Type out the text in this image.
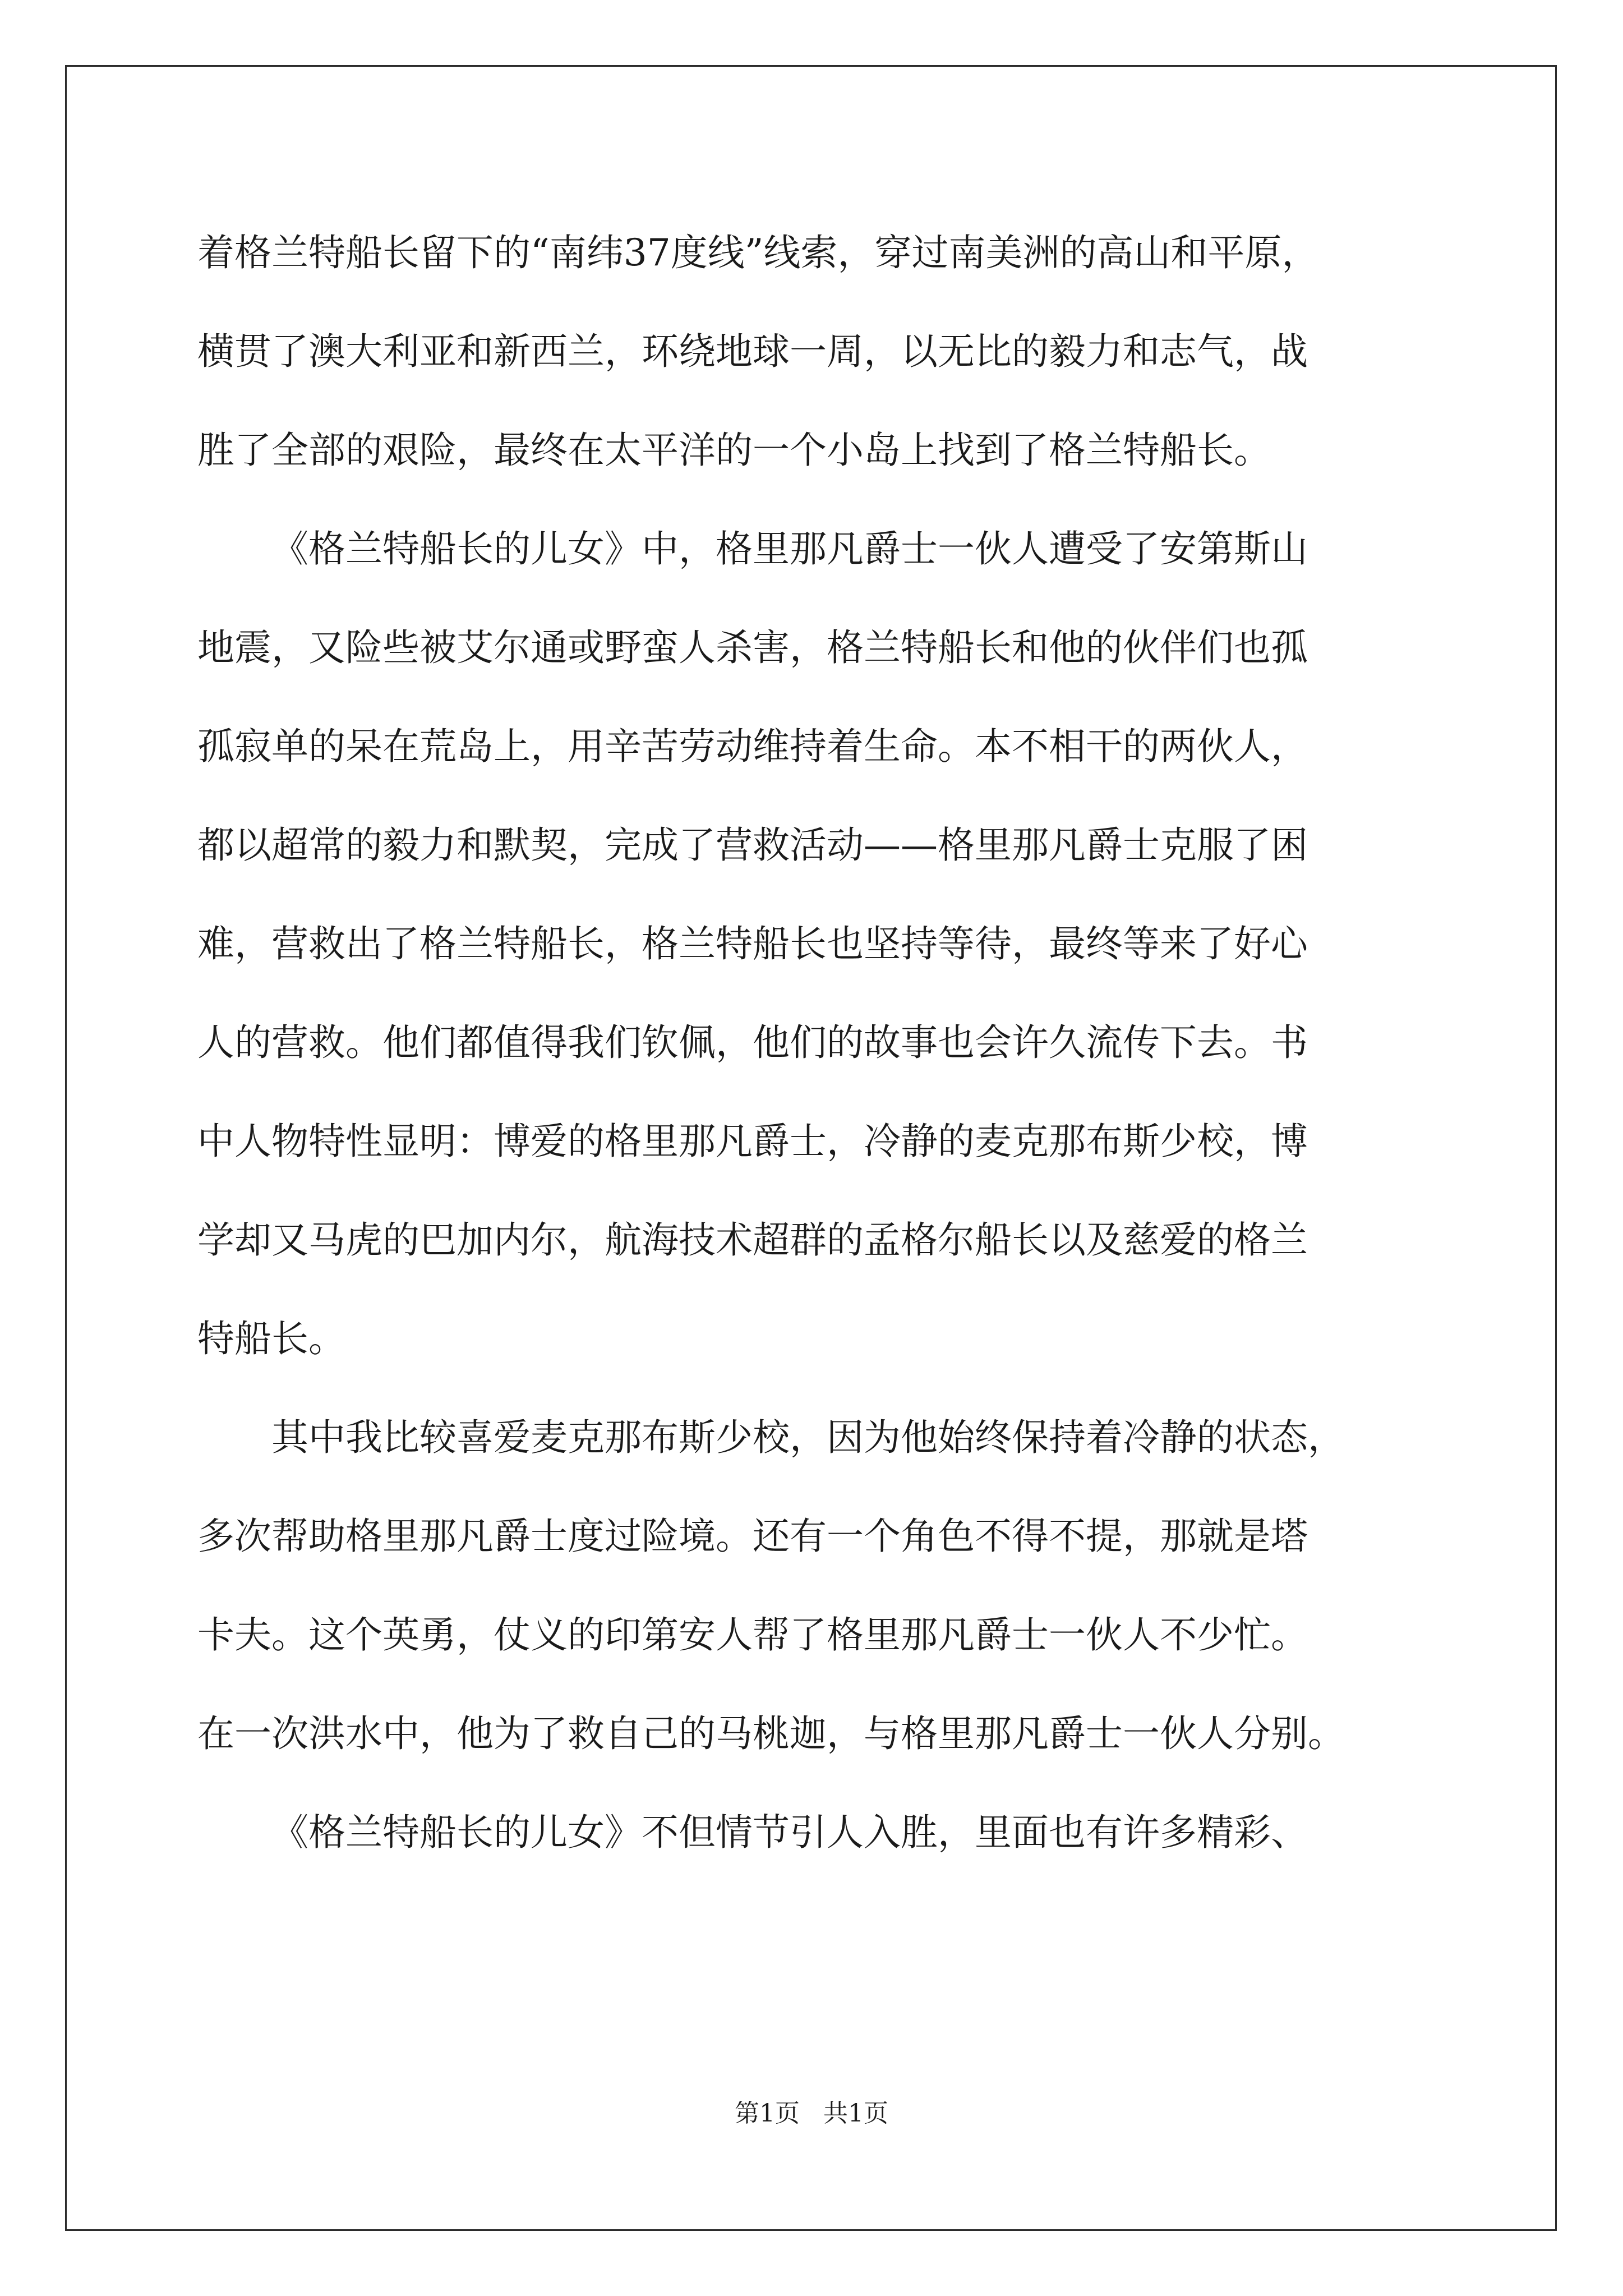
着格兰特船长留下的“南纬37度线”线索，穿过南美洲的高山和平原，
横贯了澳大利亚和新西兰，环绕地球一周，以无比的毅力和志气，战
胜了全部的艰险，最终在太平洋的一个小岛上找到了格兰特船长。
《格兰特船长的儿女》中，格里那凡爵士一伙人遭受了安第斯山
地震，又险些被艾尔通或野蛮人杀害，格兰特船长和他的伙伴们也孤
孤寂单的呆在荒岛上，用辛苦劳动维持着生命。本不相干的两伙人，
都以超常的毅力和默契，完成了营救活动——格里那凡爵士克服了困
难，营救出了格兰特船长，格兰特船长也坚持等待，最终等来了好心
人的营救。他们都值得我们钦佩，他们的故事也会许久流传下去。书
中人物特性显明：博爱的格里那凡爵士，冷静的麦克那布斯少校，博
学却又马虎的巴加内尔，航海技术超群的孟格尔船长以及慈爱的格兰
特船长。
其中我比较喜爱麦克那布斯少校，因为他始终保持着冷静的状态，
多次帮助格里那凡爵士度过险境。还有一个角色不得不提，那就是塔
卡夫。这个英勇，仗义的印第安人帮了格里那凡爵士一伙人不少忙。
在一次洪水中，他为了救自己的马桃迦，与格里那凡爵士一伙人分别。
《格兰特船长的儿女》不但情节引人入胜，里面也有许多精彩、
第1页   共1页
